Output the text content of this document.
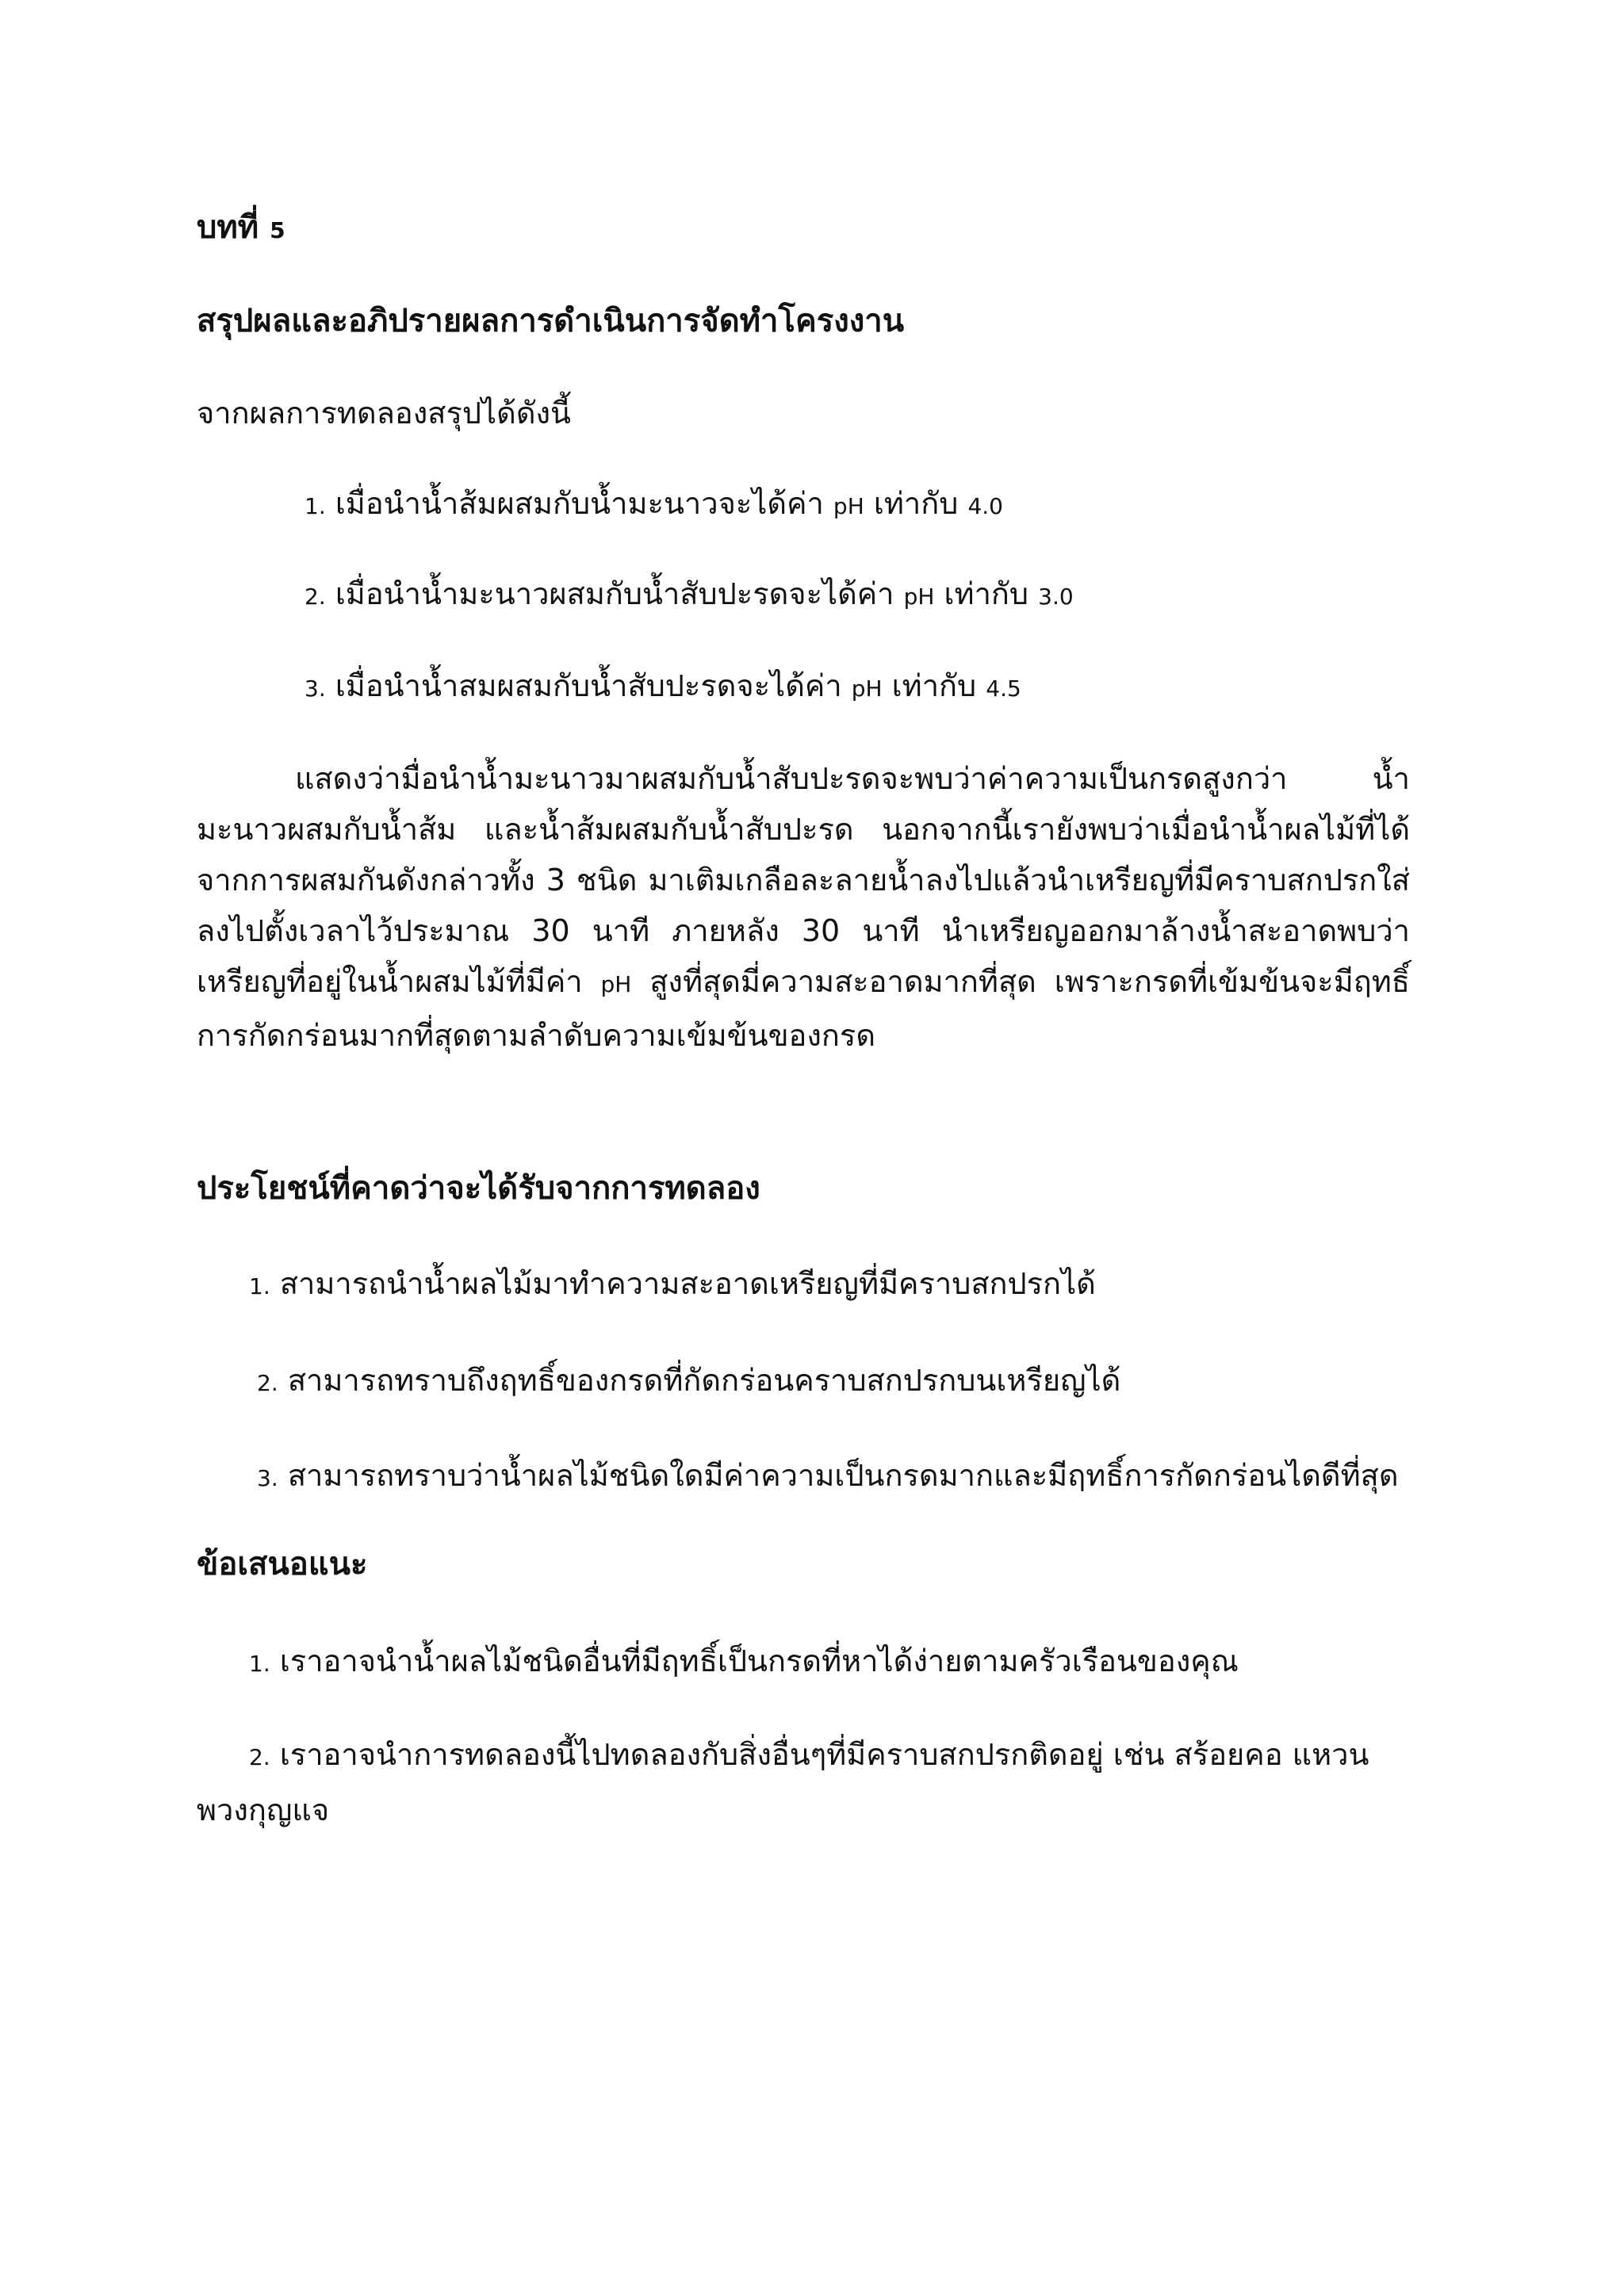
บทที่ 5
สรุปผลและอภิปรายผลการดำเนินการจัดทำโครงงาน
จากผลการทดลองสรุปได้ดังนี้
1. เมื่อนำน้ำส้มผสมกับน้ำมะนาวจะได้ค่า pH เท่ากับ 4.0
2. เมื่อนำน้ำมะนาวผสมกับน้ำสับปะรดจะได้ค่า pH เท่ากับ 3.0
3. เมื่อนำน้ำสมผสมกับน้ำสับปะรดจะได้ค่า pH เท่ากับ 4.5

แสดงว่ามื่อนำน้ำมะนาวมาผสมกับน้ำสับปะรดจะพบว่าค่าความเป็นกรดสูงกว่า น้ำมะนาวผสมกับน้ำส้ม และน้ำส้มผสมกับน้ำสับปะรด นอกจากนี้เรายังพบว่าเมื่อนำน้ำผลไม้ที่ได้จากการผสมกันดังกล่าวทั้ง 3 ชนิด มาเติมเกลือละลายน้ำลงไปแล้วนำเหรียญที่มีคราบสกปรกใส่ลงไปตั้งเวลาไว้ประมาณ 30 นาที ภายหลัง 30 นาที นำเหรียญออกมาล้างน้ำสะอาดพบว่าเหรียญที่อยู่ในน้ำผสมไม้ที่มีค่า pH สูงที่สุดมี่ความสะอาดมากที่สุด เพราะกรดที่เข้มข้นจะมีฤทธิ์การกัดกร่อนมากที่สุดตามลำดับความเข้มข้นของกรด

ประโยชน์ที่คาดว่าจะได้รับจากการทดลอง
1. สามารถนำน้ำผลไม้มาทำความสะอาดเหรียญที่มีคราบสกปรกได้
2. สามารถทราบถึงฤทธิ์ของกรดที่กัดกร่อนคราบสกปรกบนเหรียญได้
3. สามารถทราบว่าน้ำผลไม้ชนิดใดมีค่าความเป็นกรดมากและมีฤทธิ์การกัดกร่อนไดดีที่สุด
ข้อเสนอแนะ
1. เราอาจนำน้ำผลไม้ชนิดอื่นที่มีฤทธิ์เป็นกรดที่หาได้ง่ายตามครัวเรือนของคุณ
2. เราอาจนำการทดลองนี้ไปทดลองกับสิ่งอื่นๆที่มีคราบสกปรกติดอยู่ เช่น สร้อยคอ แหวน
พวงกุญแจ
